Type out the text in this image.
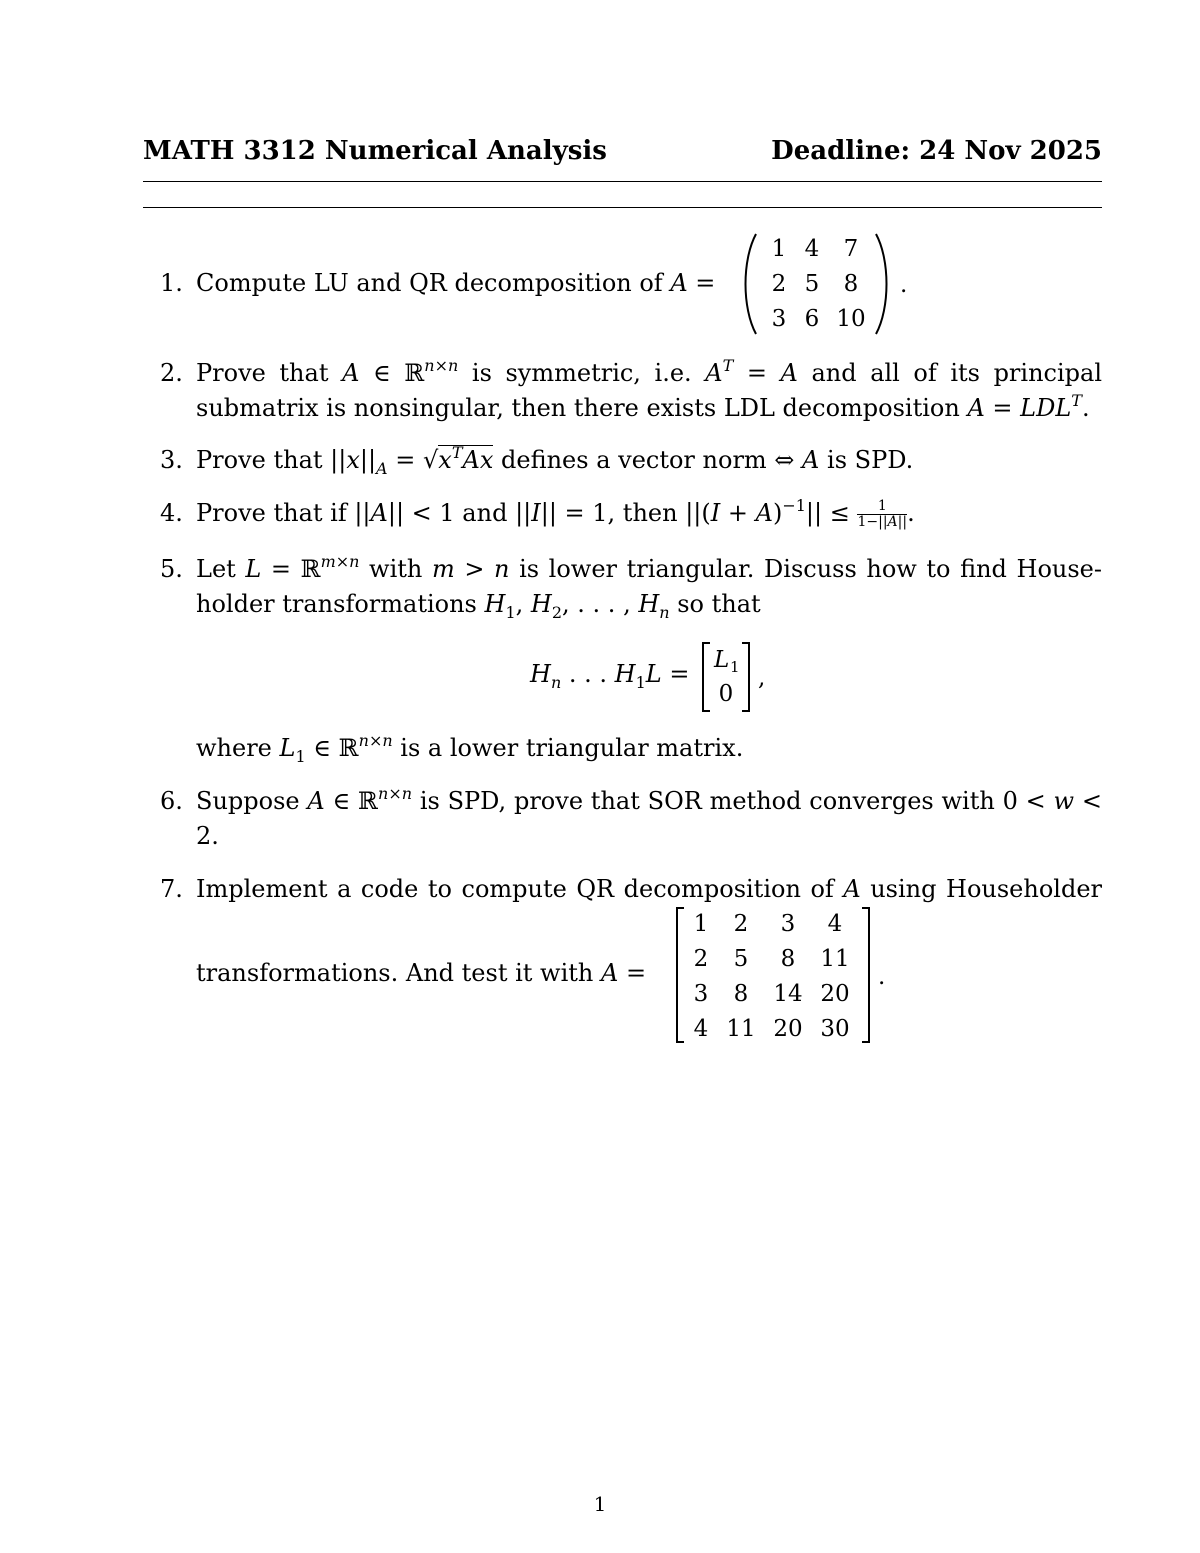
MATH 3312 Numerical Analysis	Deadline: 24 Nov 2025
1. Compute LU and QR decomposition of A =
1 4 7
2 5 8
3 6 10
.
2. Prove that A ∈ ℝ$^{n\times n}$ is symmetric, i.e. $A^T = A$ and all of its principal
submatrix is nonsingular, then there exists LDL decomposition $A = LDL^T$.
3. Prove that $||x||_A = √x^TAx$ defines a vector norm ⇔ A is SPD.
4. Prove that if ||A|| < 1 and ||I|| = 1, then $||(I + A)^{-1}|| \le \frac{1}{1-||A||}$ .
5. Let L = ℝ$^{m\times n}$ with m > n is lower triangular. Discuss how to find House-
holder transformations $H_1$, $H_2$, . . . , $H_n$ so that
$H_n$ . . . $H_1L = L$ 1
0
,
where $L_1$ ∈ ℝ$^{n\times n}$ is a lower triangular matrix.
6. Suppose A ∈ ℝ$^{n\times n}$ is SPD, prove that SOR method converges with 0 < w <
2.
7. Implement a code to compute QR decomposition of A using Householder
transformations. And test it with A =
1 2 3 4
2 5 8 11
3 8 14 20
4 11 20 30
.
1
